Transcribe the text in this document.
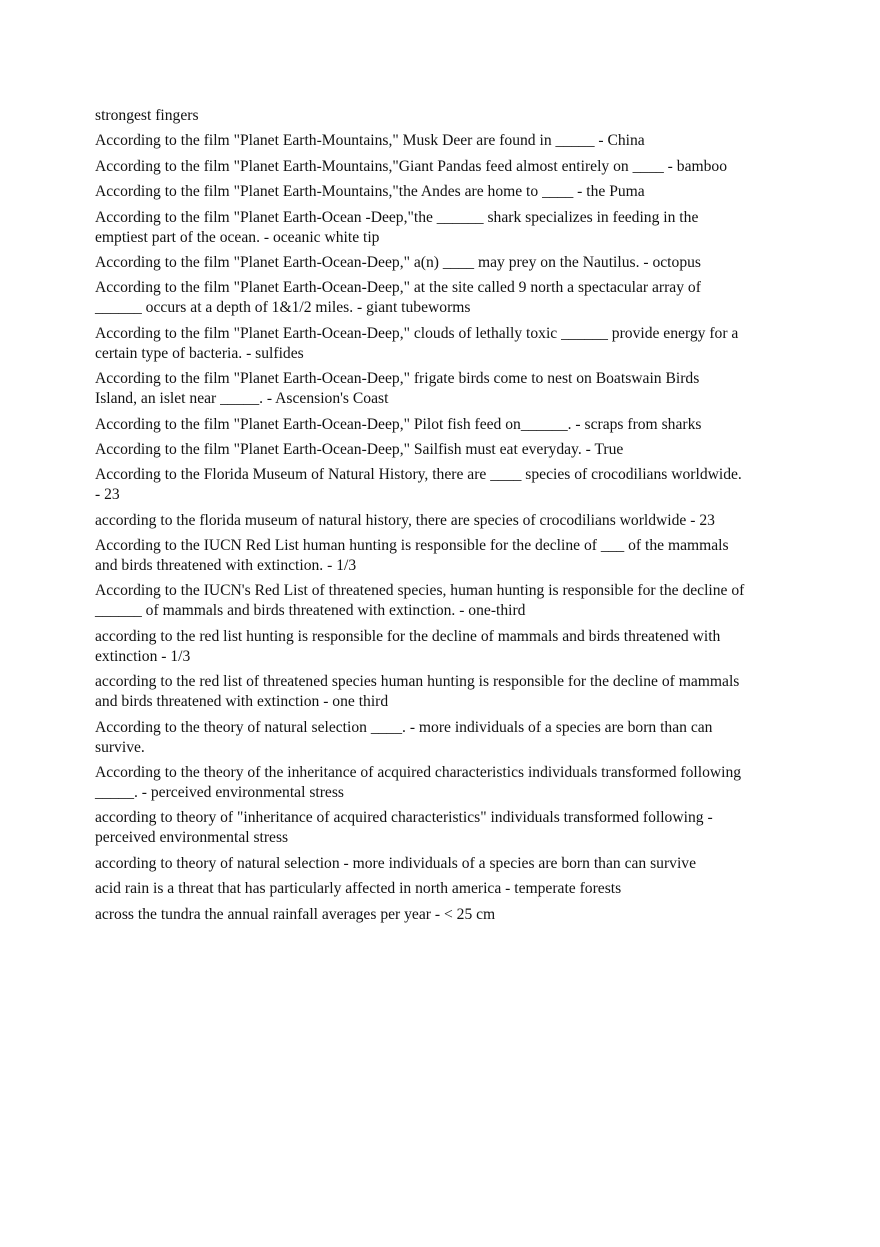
strongest fingers

According to the film "Planet Earth-Mountains," Musk Deer are found in _____ - China

According to the film "Planet Earth-Mountains,"Giant Pandas feed almost entirely on ____ - bamboo

According to the film "Planet Earth-Mountains,"the Andes are home to ____ - the Puma

According to the film "Planet Earth-Ocean -Deep,"the ______ shark specializes in feeding in the emptiest part of the ocean. - oceanic white tip

According to the film "Planet Earth-Ocean-Deep," a(n) ____ may prey on the Nautilus. - octopus

According to the film "Planet Earth-Ocean-Deep," at the site called 9 north a spectacular array of ______ occurs at a depth of 1&1/2 miles. - giant tubeworms

According to the film "Planet Earth-Ocean-Deep," clouds of lethally toxic ______ provide energy for a certain type of bacteria. - sulfides

According to the film "Planet Earth-Ocean-Deep," frigate birds come to nest on Boatswain Birds Island, an islet near _____. - Ascension's Coast

According to the film "Planet Earth-Ocean-Deep," Pilot fish feed on______. - scraps from sharks

According to the film "Planet Earth-Ocean-Deep," Sailfish must eat everyday. - True

According to the Florida Museum of Natural History, there are ____ species of crocodilians worldwide. - 23

according to the florida museum of natural history, there are species of crocodilians worldwide - 23

According to the IUCN Red List human hunting is responsible for the decline of ___ of the mammals and birds threatened with extinction. - 1/3

According to the IUCN's Red List of threatened species, human hunting is responsible for the decline of ______ of mammals and birds threatened with extinction. - one-third

according to the red list hunting is responsible for the decline of mammals and birds threatened with extinction - 1/3

according to the red list of threatened species human hunting is responsible for the decline of mammals and birds threatened with extinction - one third

According to the theory of natural selection ____. - more individuals of a species are born than can survive.

According to the theory of the inheritance of acquired characteristics individuals transformed following _____. - perceived environmental stress

according to theory of "inheritance of acquired characteristics" individuals transformed following - perceived environmental stress

according to theory of natural selection - more individuals of a species are born than can survive

acid rain is a threat that has particularly affected in north america - temperate forests

across the tundra the annual rainfall averages per year - < 25 cm
